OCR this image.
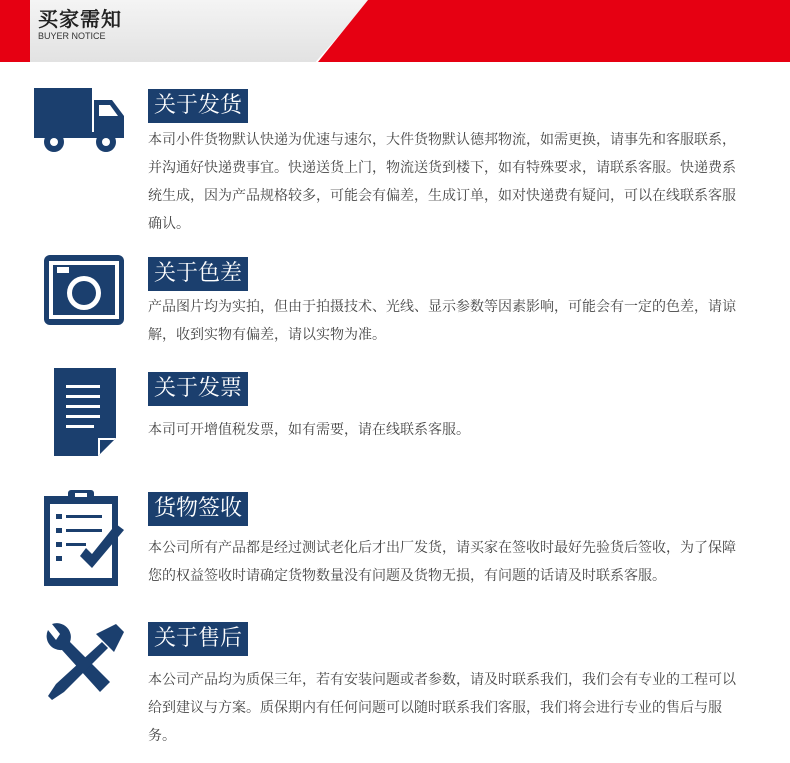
买家需知
BUYER NOTICE
关于发货
本司小件货物默认快递为优速与速尔，大件货物默认德邦物流，如需更换，请事先和客服联系，并沟通好快递费事宜。快递送货上门，物流送货到楼下，如有特殊要求，请联系客服。快递费系统生成，因为产品规格较多，可能会有偏差，生成订单，如对快递费有疑问，可以在线联系客服确认。
关于色差
产品图片均为实拍，但由于拍摄技术、光线、显示参数等因素影响，可能会有一定的色差，请谅解，收到实物有偏差，请以实物为准。
关于发票
本司可开增值税发票，如有需要，请在线联系客服。
货物签收
本公司所有产品都是经过测试老化后才出厂发货，请买家在签收时最好先验货后签收，为了保障您的权益签收时请确定货物数量没有问题及货物无损，有问题的话请及时联系客服。
关于售后
本公司产品均为质保三年，若有安装问题或者参数，请及时联系我们，我们会有专业的工程可以给到建议与方案。质保期内有任何问题可以随时联系我们客服，我们将会进行专业的售后与服务。
